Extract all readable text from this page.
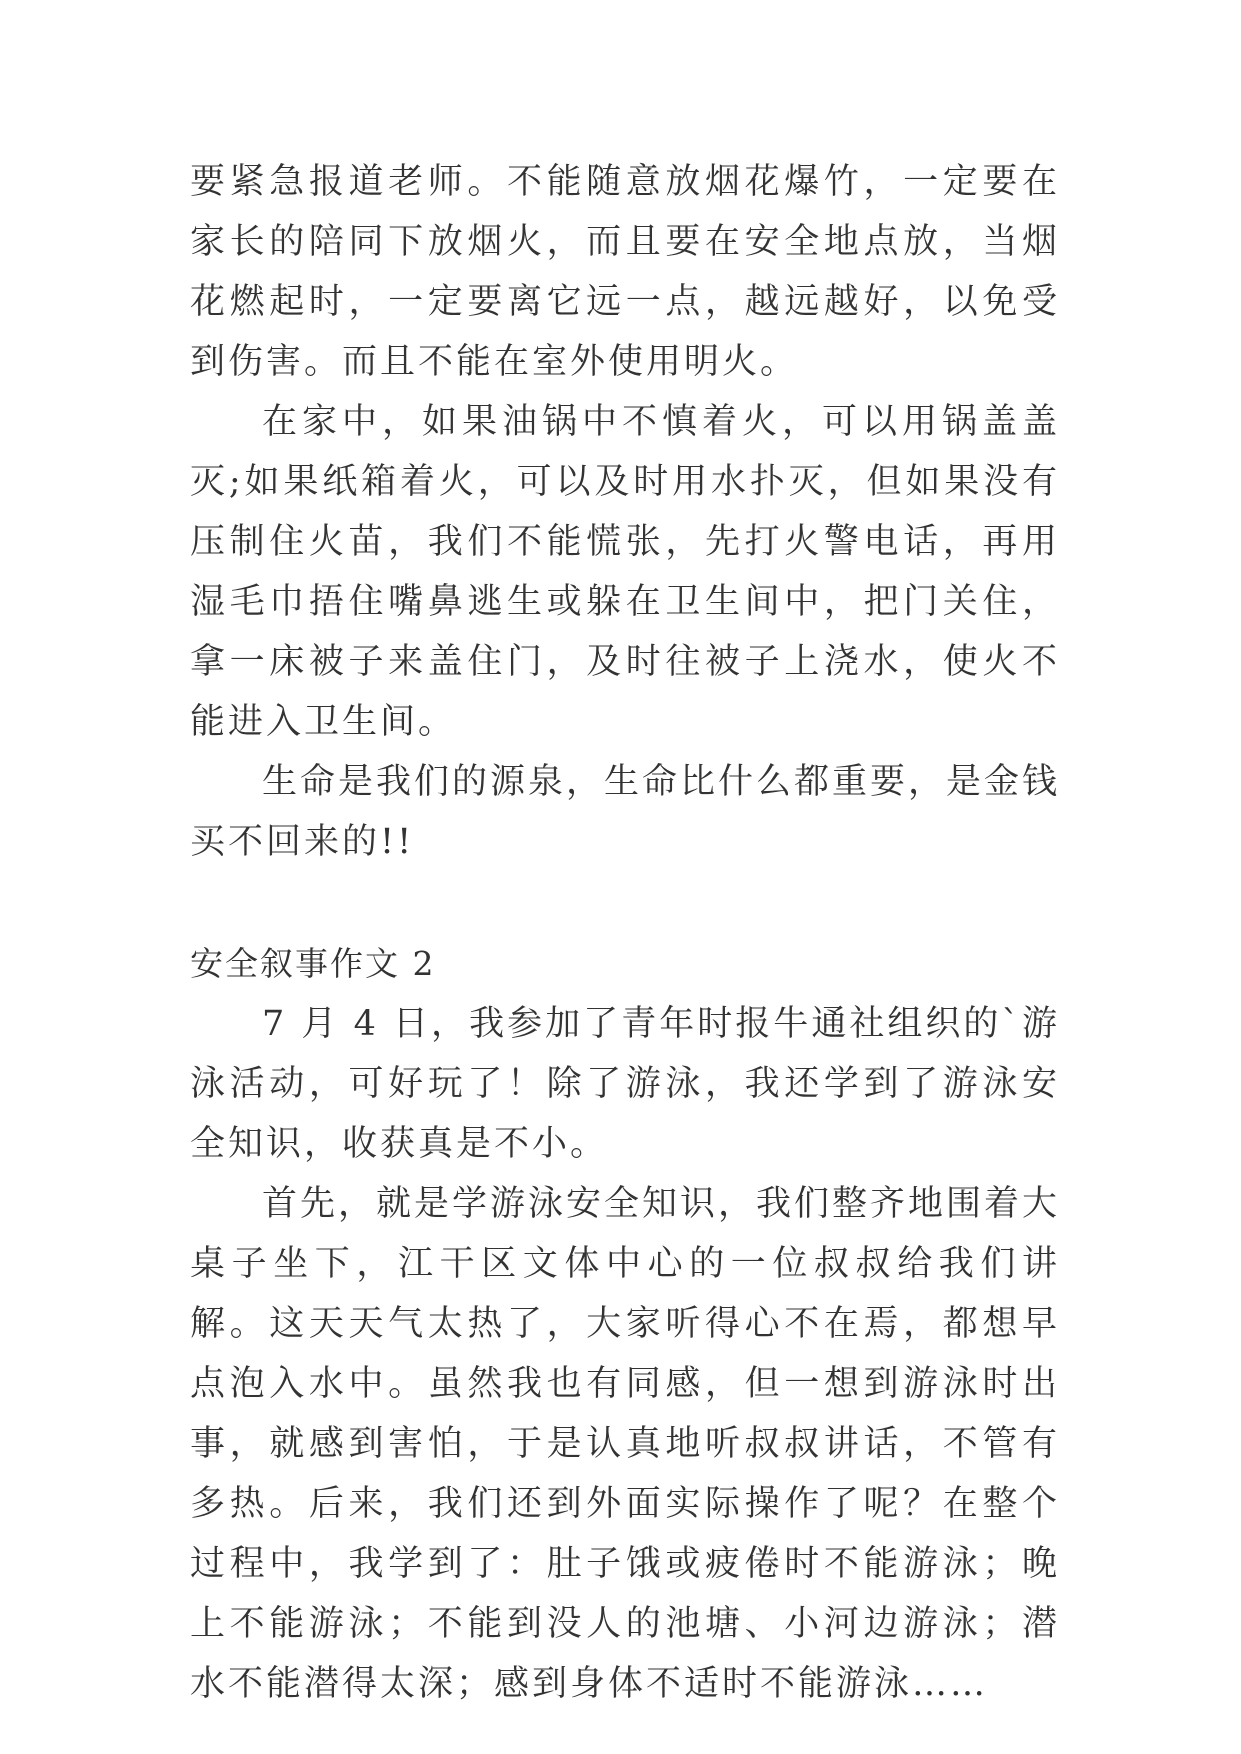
要紧急报道老师。不能随意放烟花爆竹，一定要在家长的陪同下放烟火，而且要在安全地点放，当烟花燃起时，一定要离它远一点，越远越好，以免受到伤害。而且不能在室外使用明火。

在家中，如果油锅中不慎着火，可以用锅盖盖灭;如果纸箱着火，可以及时用水扑灭，但如果没有压制住火苗，我们不能慌张，先打火警电话，再用湿毛巾捂住嘴鼻逃生或躲在卫生间中，把门关住，拿一床被子来盖住门，及时往被子上浇水，使火不能进入卫生间。

生命是我们的源泉，生命比什么都重要，是金钱买不回来的!!

安全叙事作文 2

7 月 4 日，我参加了青年时报牛通社组织的`游泳活动，可好玩了！除了游泳，我还学到了游泳安全知识，收获真是不小。

首先，就是学游泳安全知识，我们整齐地围着大桌子坐下，江干区文体中心的一位叔叔给我们讲解。这天天气太热了，大家听得心不在焉，都想早点泡入水中。虽然我也有同感，但一想到游泳时出事，就感到害怕，于是认真地听叔叔讲话，不管有多热。后来，我们还到外面实际操作了呢？在整个过程中，我学到了：肚子饿或疲倦时不能游泳；晚上不能游泳；不能到没人的池塘、小河边游泳；潜水不能潜得太深；感到身体不适时不能游泳……
